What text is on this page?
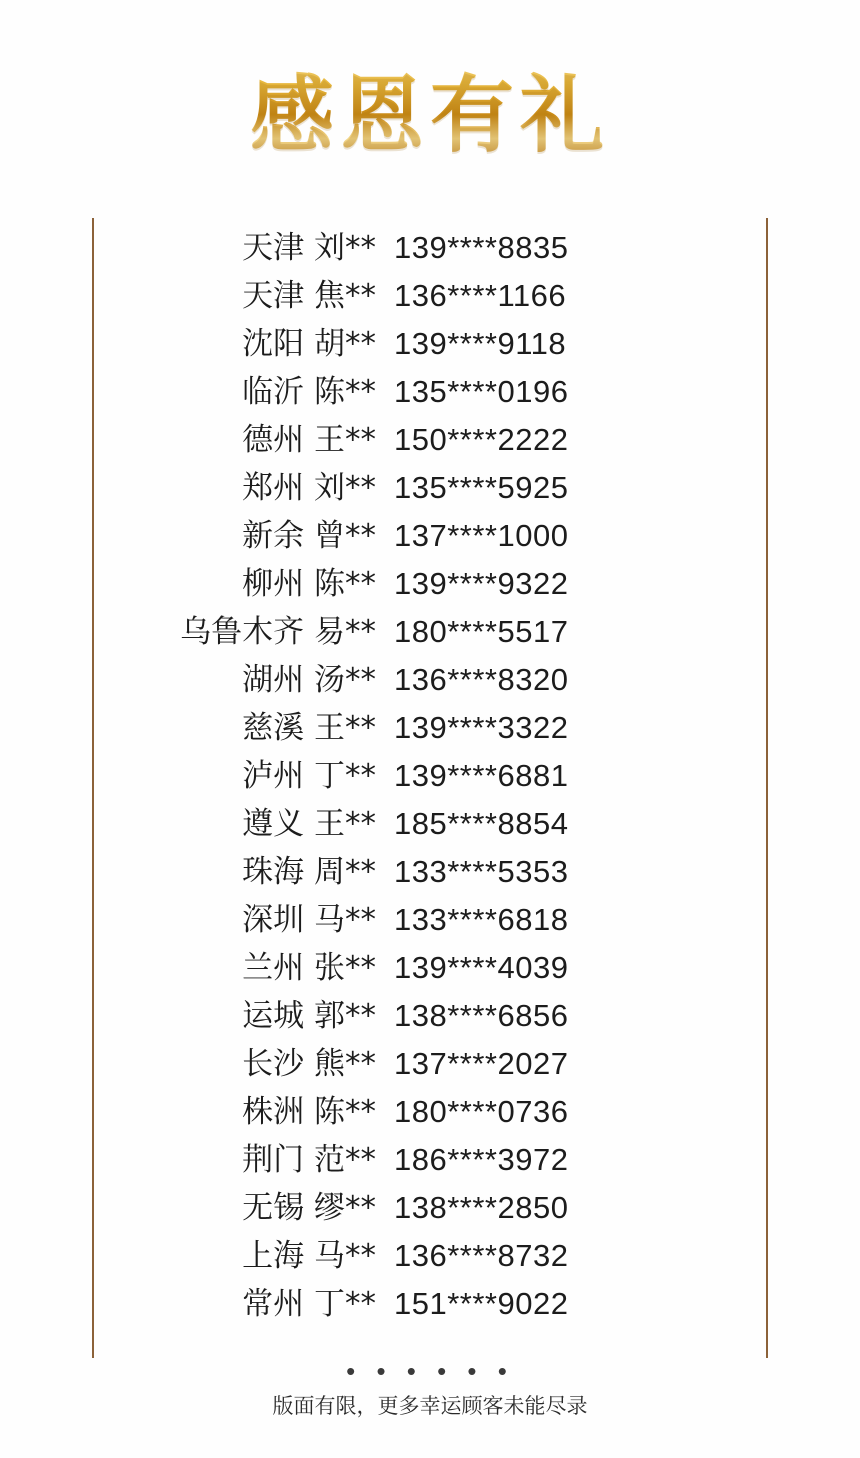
感恩有礼
天津 刘** 139****8835
天津 焦** 136****1166
沈阳 胡** 139****9118
临沂 陈** 135****0196
德州 王** 150****2222
郑州 刘** 135****5925
新余 曾** 137****1000
柳州 陈** 139****9322
乌鲁木齐 易** 180****5517
湖州 汤** 136****8320
慈溪 王** 139****3322
泸州 丁** 139****6881
遵义 王** 185****8854
珠海 周** 133****5353
深圳 马** 133****6818
兰州 张** 139****4039
运城 郭** 138****6856
长沙 熊** 137****2027
株洲 陈** 180****0736
荆门 范** 186****3972
无锡 缪** 138****2850
上海 马** 136****8732
常州 丁** 151****9022
• • • • • •
版面有限，更多幸运顾客未能尽录
